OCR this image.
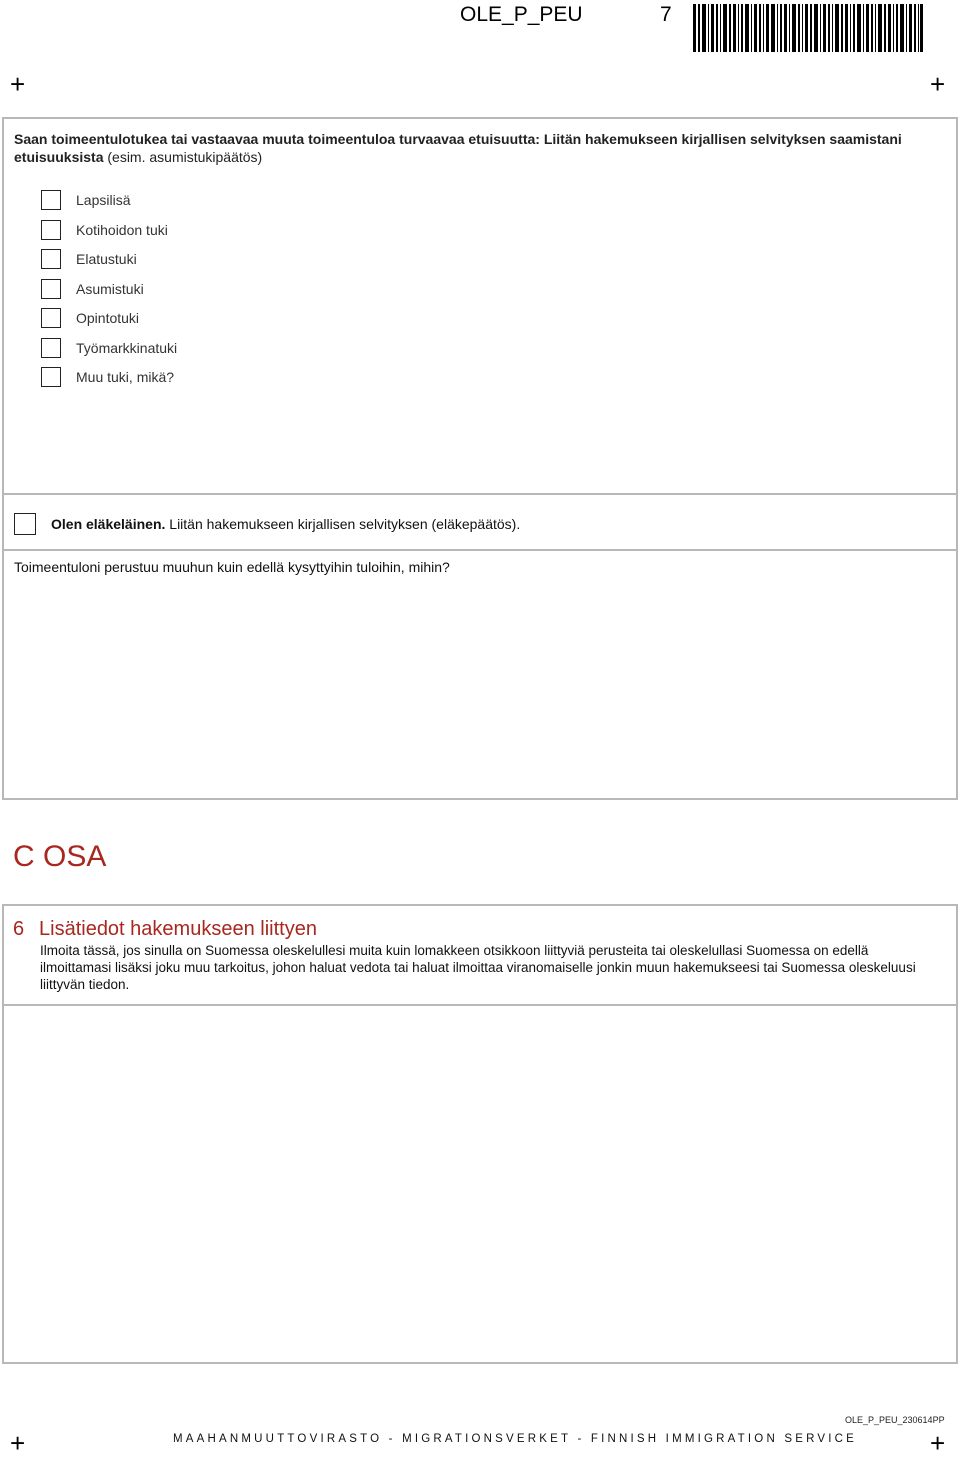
OLE_P_PEU	7
+	+
+	+
Saan toimeentulotukea tai vastaavaa muuta toimeentuloa turvaavaa etuisuutta: Liitän hakemukseen kirjallisen selvityksen saamistani etuisuuksista (esim. asumistukipäätös)
Lapsilisä
Kotihoidon tuki
Elatustuki
Asumistuki
Opintotuki
Työmarkkinatuki
Muu tuki, mikä?
Olen eläkeläinen. Liitän hakemukseen kirjallisen selvityksen (eläkepäätös).
Toimeentuloni perustuu muuhun kuin edellä kysyttyihin tuloihin, mihin?
C OSA
6 Lisätiedot hakemukseen liittyen
Ilmoita tässä, jos sinulla on Suomessa oleskelullesi muita kuin lomakkeen otsikkoon liittyviä perusteita tai oleskelullasi Suomessa on edellä ilmoittamasi lisäksi joku muu tarkoitus, johon haluat vedota tai haluat ilmoittaa viranomaiselle jonkin muun hakemukseesi tai Suomessa oleskeluusi liittyvän tiedon.
OLE_P_PEU_230614PP
MAAHANMUUTTOVIRASTO - MIGRATIONSVERKET - FINNISH IMMIGRATION SERVICE
